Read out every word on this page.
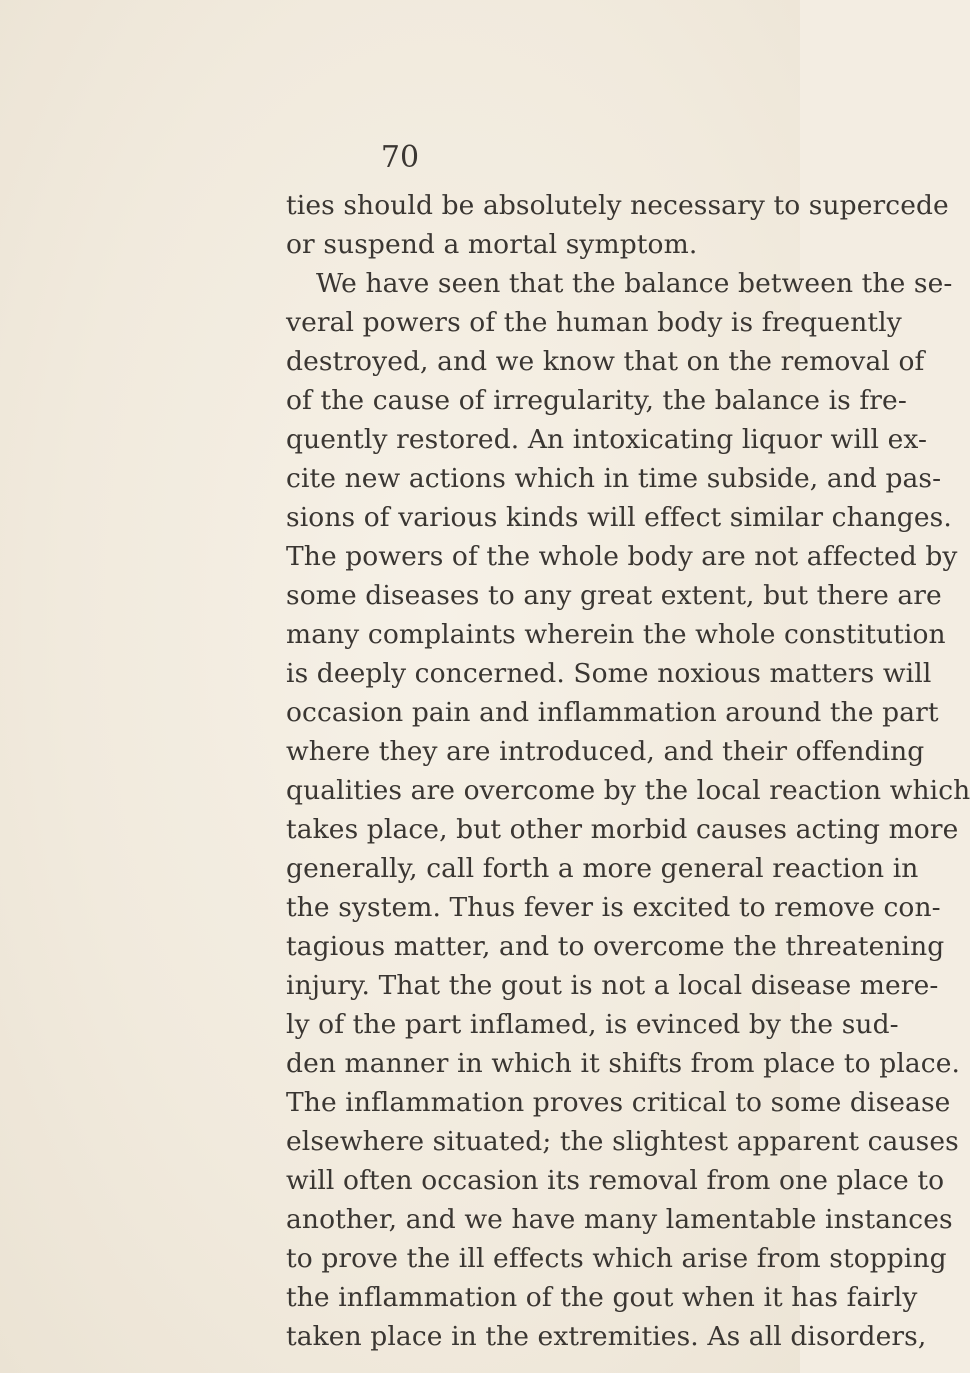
70
ties should be absolutely necessary to supercede
or suspend a mortal symptom.
We have seen that the balance between the se-
veral powers of the human body is frequently
destroyed, and we know that on the removal of
of the cause of irregularity, the balance is fre-
quently restored. An intoxicating liquor will ex-
cite new actions which in time subside, and pas-
sions of various kinds will effect similar changes.
The powers of the whole body are not affected by
some diseases to any great extent, but there are
many complaints wherein the whole constitution
is deeply concerned. Some noxious matters will
occasion pain and inflammation around the part
where they are introduced, and their offending
qualities are overcome by the local reaction which
takes place, but other morbid causes acting more
generally, call forth a more general reaction in
the system. Thus fever is excited to remove con-
tagious matter, and to overcome the threatening
injury. That the gout is not a local disease mere-
ly of the part inflamed, is evinced by the sud-
den manner in which it shifts from place to place.
The inflammation proves critical to some disease
elsewhere situated; the slightest apparent causes
will often occasion its removal from one place to
another, and we have many lamentable instances
to prove the ill effects which arise from stopping
the inflammation of the gout when it has fairly
taken place in the extremities. As all disorders,
